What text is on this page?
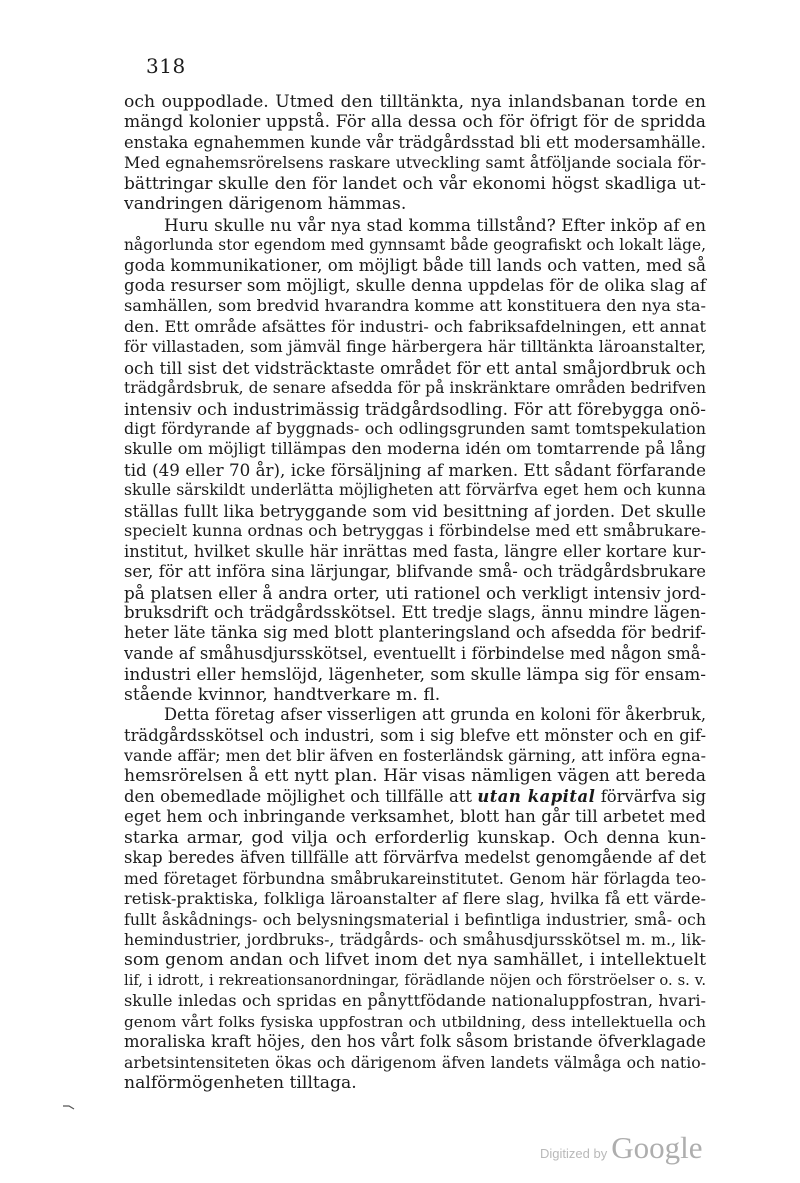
318
och ouppodlade. Utmed den tilltänkta, nya inlandsbanan torde en
mängd kolonier uppstå. För alla dessa och för öfrigt för de spridda
enstaka egnahemmen kunde vår trädgårdsstad bli ett modersamhälle.
Med egnahemsrörelsens raskare utveckling samt åtföljande sociala för-
bättringar skulle den för landet och vår ekonomi högst skadliga ut-
vandringen därigenom hämmas.
Huru skulle nu vår nya stad komma tillstånd? Efter inköp af en
någorlunda stor egendom med gynnsamt både geografiskt och lokalt läge,
goda kommunikationer, om möjligt både till lands och vatten, med så
goda resurser som möjligt, skulle denna uppdelas för de olika slag af
samhällen, som bredvid hvarandra komme att konstituera den nya sta-
den. Ett område afsättes för industri- och fabriksafdelningen, ett annat
för villastaden, som jämväl finge härbergera här tilltänkta läroanstalter,
och till sist det vidsträcktaste området för ett antal småjordbruk och
trädgårdsbruk, de senare afsedda för på inskränktare områden bedrifven
intensiv och industrimässig trädgårdsodling. För att förebygga onö-
digt fördyrande af byggnads- och odlingsgrunden samt tomtspekulation
skulle om möjligt tillämpas den moderna idén om tomtarrende på lång
tid (49 eller 70 år), icke försäljning af marken. Ett sådant förfarande
skulle särskildt underlätta möjligheten att förvärfva eget hem och kunna
ställas fullt lika betryggande som vid besittning af jorden. Det skulle
specielt kunna ordnas och betryggas i förbindelse med ett småbrukare-
institut, hvilket skulle här inrättas med fasta, längre eller kortare kur-
ser, för att införa sina lärjungar, blifvande små- och trädgårdsbrukare
på platsen eller å andra orter, uti rationel och verkligt intensiv jord-
bruksdrift och trädgårdsskötsel. Ett tredje slags, ännu mindre lägen-
heter läte tänka sig med blott planteringsland och afsedda för bedrif-
vande af småhusdjursskötsel, eventuellt i förbindelse med någon små-
industri eller hemslöjd, lägenheter, som skulle lämpa sig för ensam-
stående kvinnor, handtverkare m. fl.
Detta företag afser visserligen att grunda en koloni för åkerbruk,
trädgårdsskötsel och industri, som i sig blefve ett mönster och en gif-
vande affär; men det blir äfven en fosterländsk gärning, att införa egna-
hemsrörelsen å ett nytt plan. Här visas nämligen vägen att bereda
den obemedlade möjlighet och tillfälle att utan kapital förvärfva sig
eget hem och inbringande verksamhet, blott han går till arbetet med
starka armar, god vilja och erforderlig kunskap. Och denna kun-
skap beredes äfven tillfälle att förvärfva medelst genomgående af det
med företaget förbundna småbrukareinstitutet. Genom här förlagda teo-
retisk-praktiska, folkliga läroanstalter af flere slag, hvilka få ett värde-
fullt åskådnings- och belysningsmaterial i befintliga industrier, små- och
hemindustrier, jordbruks-, trädgårds- och småhusdjursskötsel m. m., lik-
som genom andan och lifvet inom det nya samhället, i intellektuelt
lif, i idrott, i rekreationsanordningar, förädlande nöjen och förströelser o. s. v.
skulle inledas och spridas en pånyttfödande nationaluppfostran, hvari-
genom vårt folks fysiska uppfostran och utbildning, dess intellektuella och
moraliska kraft höjes, den hos vårt folk såsom bristande öfverklagade
arbetsintensiteten ökas och därigenom äfven landets välmåga och natio-
nalförmögenheten tilltaga.
Digitized by Google
